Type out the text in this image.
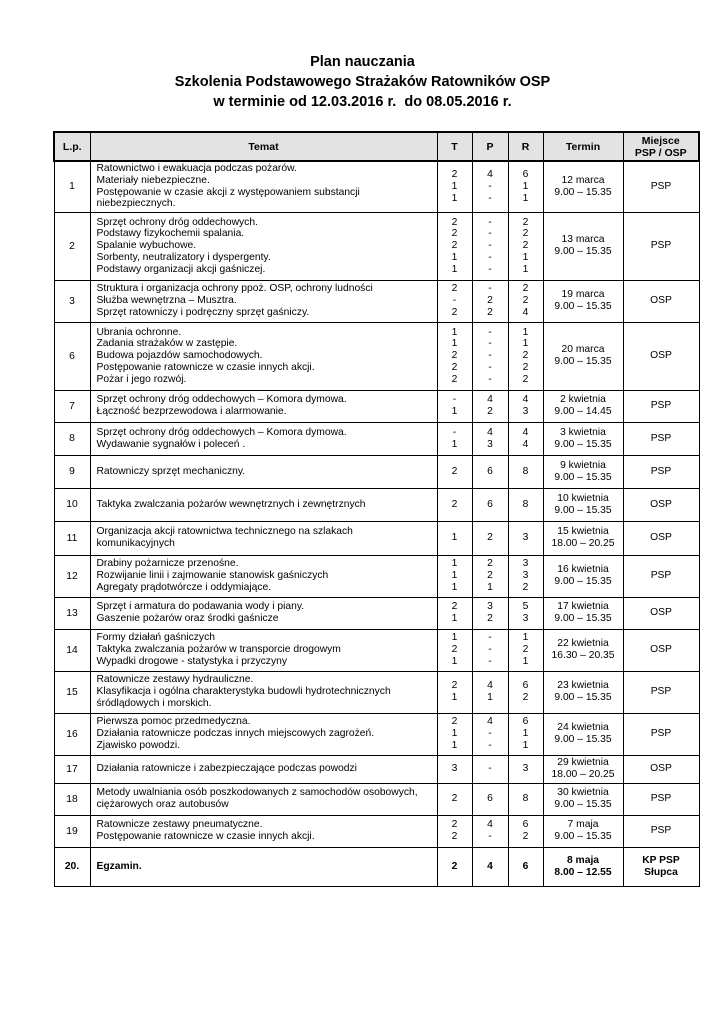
Plan nauczania
Szkolenia Podstawowego Strażaków Ratowników OSP
w terminie od 12.03.2016 r.  do 08.05.2016 r.
L.p.	Temat	T	P	R	Termin	Miejsce
PSP / OSP

1	Ratownictwo i ewakuacja podczas pożarów.
Materiały niebezpieczne.
Postępowanie w czasie akcji z występowaniem substancji niebezpiecznych.	2
1
1	4
-
-	6
1
1	12 marca
9.00 – 15.35	PSP

2	Sprzęt ochrony dróg oddechowych.
Podstawy fizykochemii spalania.
Spalanie wybuchowe.
Sorbenty, neutralizatory i dyspergenty.
Podstawy organizacji akcji gaśniczej.	2
2
2
1
1	-
-
-
-
-	2
2
2
1
1	13 marca
9.00 – 15.35	PSP

3	Struktura i organizacja ochrony ppoż. OSP, ochrony ludności
Służba wewnętrzna – Musztra.
Sprzęt ratowniczy i podręczny sprzęt gaśniczy.	2
-
2	-
2
2	2
2
4	19 marca
9.00 – 15.35	OSP

6	Ubrania ochronne.
Zadania strażaków w zastępie.
Budowa pojazdów samochodowych.
Postępowanie ratownicze w czasie innych akcji.
Pożar i jego rozwój.	1
1
2
2
2	-
-
-
-
-	1
1
2
2
2	20 marca
9.00 – 15.35	OSP

7	Sprzęt ochrony dróg oddechowych – Komora dymowa.
Łączność bezprzewodowa i alarmowanie.	-
1	4
2	4
3	2 kwietnia
9.00 – 14.45	PSP

8	Sprzęt ochrony dróg oddechowych – Komora dymowa.
Wydawanie sygnałów i poleceń .	-
1	4
3	4
4	3 kwietnia
9.00 – 15.35	PSP

9	Ratowniczy sprzęt mechaniczny.	2	6	8	9 kwietnia
9.00 – 15.35	PSP

10	Taktyka zwalczania pożarów wewnętrznych i zewnętrznych	2	6	8	10 kwietnia
9.00 – 15.35	OSP

11	Organizacja akcji ratownictwa technicznego na szlakach komunikacyjnych	1	2	3	15 kwietnia
18.00 – 20.25	OSP

12	Drabiny pożarnicze przenośne.
Rozwijanie linii i zajmowanie stanowisk gaśniczych
Agregaty prądotwórcze i oddymiające.	1
1
1	2
2
1	3
3
2	16 kwietnia
9.00 – 15.35	PSP

13	Sprzęt i armatura do podawania wody i piany.
Gaszenie pożarów oraz środki gaśnicze	2
1	3
2	5
3	17 kwietnia
9.00 – 15.35	OSP

14	Formy działań gaśniczych
Taktyka zwalczania pożarów w transporcie drogowym
Wypadki drogowe - statystyka i przyczyny	1
2
1	-
-
-	1
2
1	22 kwietnia
16.30 – 20.35	OSP

15	Ratownicze zestawy hydrauliczne.
Klasyfikacja i ogólna charakterystyka budowli hydrotechnicznych śródlądowych i morskich.	2
1	4
1	6
2	23 kwietnia
9.00 – 15.35	PSP

16	Pierwsza pomoc przedmedyczna.
Działania ratownicze podczas innych miejscowych zagrożeń.
Zjawisko powodzi.	2
1
1	4
-
-	6
1
1	24 kwietnia
9.00 – 15.35	PSP

17	Działania ratownicze i zabezpieczające podczas powodzi	3	-	3	29 kwietnia
18.00 – 20.25	OSP

18	Metody uwalniania osób poszkodowanych z samochodów osobowych, ciężarowych oraz autobusów	2	6	8	30 kwietnia
9.00 – 15.35	PSP

19	Ratownicze zestawy pneumatyczne.
Postępowanie ratownicze w czasie innych akcji.	2
2	4
-	6
2	7 maja
9.00 – 15.35	PSP

20.	Egzamin.	2	4	6	8 maja
8.00 – 12.55	KP PSP
Słupca
